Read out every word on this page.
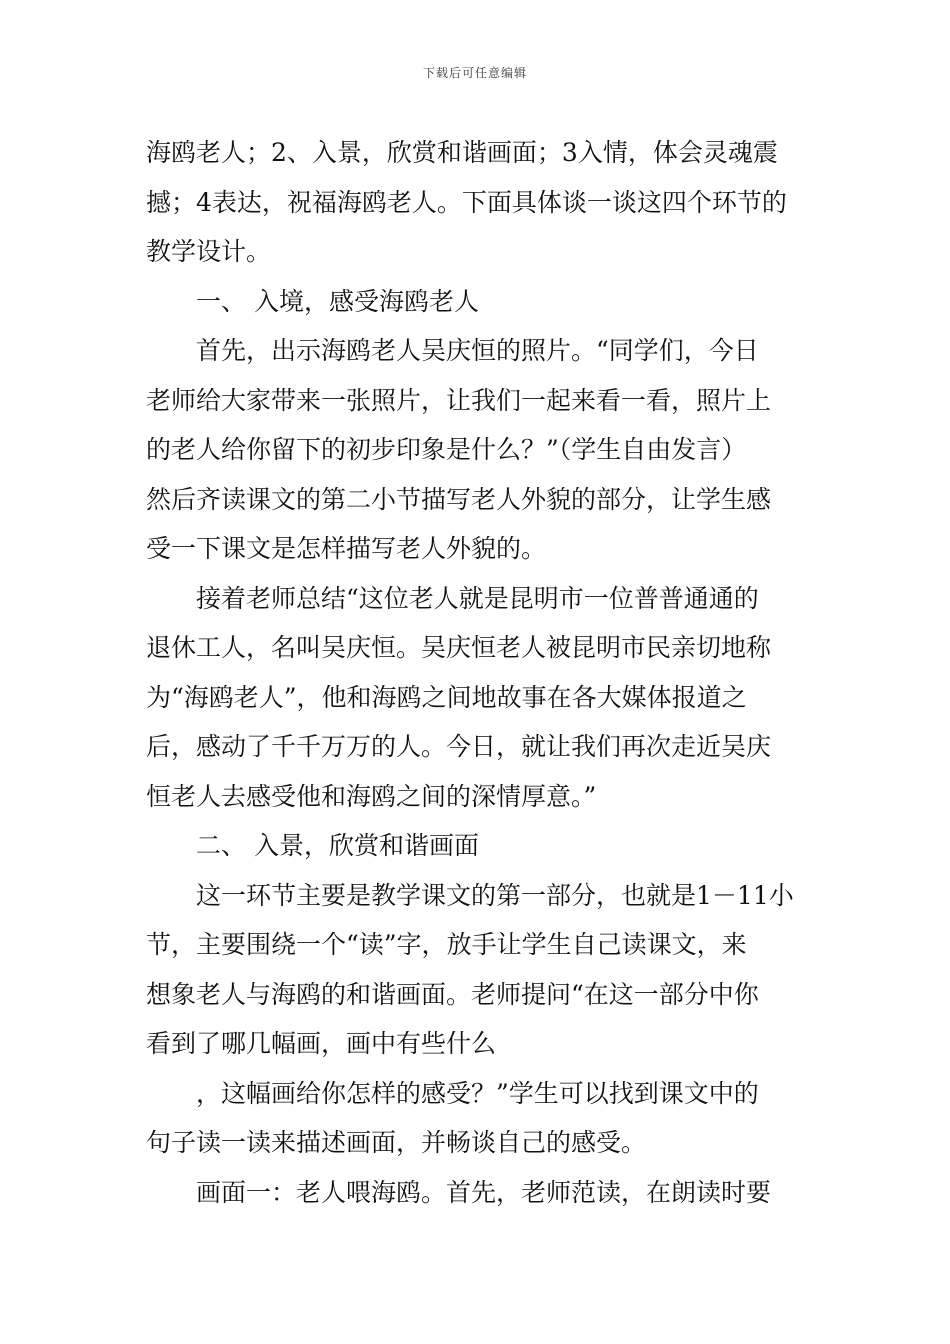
下载后可任意编辑
海鸥老人；2、入景，欣赏和谐画面；3入情，体会灵魂震
撼；4表达，祝福海鸥老人。下面具体谈一谈这四个环节的
教学设计。
一、 入境，感受海鸥老人
首先，出示海鸥老人吴庆恒的照片。“同学们，今日
老师给大家带来一张照片，让我们一起来看一看，照片上
的老人给你留下的初步印象是什么？”（学生自由发言）
然后齐读课文的第二小节描写老人外貌的部分，让学生感
受一下课文是怎样描写老人外貌的。
接着老师总结“这位老人就是昆明市一位普普通通的
退休工人，名叫吴庆恒。吴庆恒老人被昆明市民亲切地称
为“海鸥老人”，他和海鸥之间地故事在各大媒体报道之
后，感动了千千万万的人。今日，就让我们再次走近吴庆
恒老人去感受他和海鸥之间的深情厚意。”
二、 入景，欣赏和谐画面
这一环节主要是教学课文的第一部分，也就是1－11小
节，主要围绕一个“读”字，放手让学生自己读课文，来
想象老人与海鸥的和谐画面。老师提问“在这一部分中你
看到了哪几幅画，画中有些什么
，这幅画给你怎样的感受？”学生可以找到课文中的
句子读一读来描述画面，并畅谈自己的感受。
画面一：老人喂海鸥。首先，老师范读，在朗读时要
